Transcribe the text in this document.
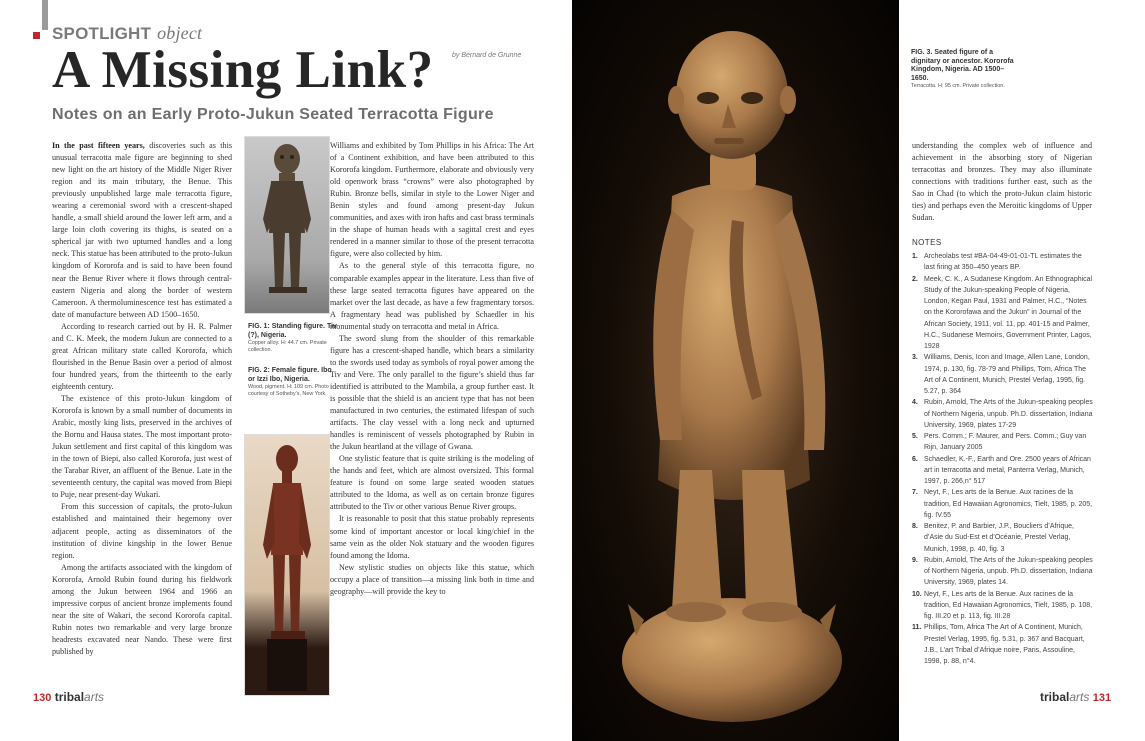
SPOTLIGHT object
by Bernard de Grunne
A Missing Link?
Notes on an Early Proto-Jukun Seated Terracotta Figure

In the past fifteen years, discoveries such as this unusual terracotta male figure are beginning to shed new light on the art history of the Middle Niger River region and its main tributary, the Benue. This previously unpublished large male terracotta figure, wearing a ceremonial sword with a crescent-shaped handle, a small shield around the lower left arm, and a large loin cloth covering its thighs, is seated on a spherical jar with two upturned handles and a long neck. This statue has been attributed to the proto-Jukun kingdom of Kororofa and is said to have been found near the Benue River where it flows through central-eastern Nigeria and along the border of western Cameroon. A thermoluminescence test has estimated a date of manufacture between AD 1500–1650.

According to research carried out by H. R. Palmer and C. K. Meek, the modern Jukun are connected to a great African military state called Kororofa, which flourished in the Benue Basin over a period of almost four hundred years, from the thirteenth to the early eighteenth century.

The existence of this proto-Jukun kingdom of Kororofa is known by a small number of documents in Arabic, mostly king lists, preserved in the archives of the Bornu and Hausa states. The most important proto-Jukun settlement and first capital of this kingdom was in the town of Biepi, also called Kororofa, just west of the Tarabar River, an affluent of the Benue. Late in the seventeenth century, the capital was moved from Biepi to Puje, near present-day Wukari.

From this succession of capitals, the proto-Jukun established and maintained their hegemony over adjacent people, acting as disseminators of the institution of divine kingship in the lower Benue region.

Among the artifacts associated with the kingdom of Kororofa, Arnold Rubin found during his fieldwork among the Jukun between 1964 and 1966 an impressive corpus of ancient bronze implements found near the site of Wakari, the second Kororofa capital. Rubin notes two remarkable and very large bronze headrests excavated near Nando. These were first published by

FIG. 1: Standing figure. Tiv (?), Nigeria.
Copper alloy. H: 44.7 cm. Private collection.
FIG. 2: Female figure. Ibo or Izzi Ibo, Nigeria.
Wood, pigment. H: 109 cm. Photo courtesy of Sotheby’s, New York.

Williams and exhibited by Tom Phillips in his Africa: The Art of a Continent exhibition, and have been attributed to this Kororofa kingdom. Furthermore, elaborate and obviously very old openwork brass “crowns” were also photographed by Rubin. Bronze bells, similar in style to the Lower Niger and Benin styles and found among present-day Jukun communities, and axes with iron hafts and cast brass terminals in the shape of human heads with a sagittal crest and eyes rendered in a manner similar to those of the present terracotta figure, were also collected by him.

As to the general style of this terracotta figure, no comparable examples appear in the literature. Less than five of these large seated terracotta figures have appeared on the market over the last decade, as have a few fragmentary torsos. A fragmentary head was published by Schaedler in his monumental study on terracotta and metal in Africa.

The sword slung from the shoulder of this remarkable figure has a crescent-shaped handle, which bears a similarity to the swords used today as symbols of royal power among the Tiv and Vere. The only parallel to the figure’s shield thus far identified is attributed to the Mambila, a group further east. It is possible that the shield is an ancient type that has not been manufactured in two centuries, the estimated lifespan of such artifacts. The clay vessel with a long neck and upturned handles is reminiscent of vessels photographed by Rubin in the Jukun heartland at the village of Gwana.

One stylistic feature that is quite striking is the modeling of the hands and feet, which are almost oversized. This formal feature is found on some large seated wooden statues attributed to the Idoma, as well as on certain bronze figures attributed to the Tiv or other various Benue River groups.

It is reasonable to posit that this statue probably represents some kind of important ancestor or local king/chief in the same vein as the older Nok statuary and the wooden figures found among the Idoma.

New stylistic studies on objects like this statue, which occupy a place of transition—a missing link both in time and geography—will provide the key to

FIG. 3. Seated figure of a dignitary or ancestor. Kororofa Kingdom, Nigeria. AD 1500–1650.
Terracotta. H: 95 cm. Private collection.

understanding the complex web of influence and achievement in the absorbing story of Nigerian terracottas and bronzes. They may also illuminate connections with traditions further east, such as the Sao in Chad (to which the proto-Jukun claim historic ties) and perhaps even the Meroitic kingdoms of Upper Sudan.

NOTES
1. Archeolabs test #BA-04-49-01-01-TL estimates the last firing at 350–450 years BP.
2. Meek, C. K., A Sudanese Kingdom. An Ethnographical Study of the Jukun-speaking People of Nigeria, London, Kegan Paul, 1931 and Palmer, H.C., “Notes on the Kororofawa and the Jukun” in Journal of the African Society, 1911, vol. 11, pp. 401-15 and Palmer, H.C., Sudanese Memoirs, Government Printer, Lagos, 1928
3. Williams, Denis, Icon and Image, Allen Lane, London, 1974, p. 130, fig. 78-79 and Phillips, Tom, Africa The Art of A Continent, Munich, Prestel Verlag, 1995, fig. 5.27, p. 364
4. Rubin, Arnold, The Arts of the Jukun-speaking peoples of Northern Nigeria, unpub. Ph.D. dissertation, Indiana University, 1969, plates 17-29
5. Pers. Comm.; F. Maurer, and Pers. Comm.; Guy van Rijn, January 2005
6. Schaedler, K.-F., Earth and Ore. 2500 years of African art in terracotta and metal, Panterra Verlag, Munich, 1997, p. 266,n° 517
7. Neyt, F., Les arts de la Benue. Aux racines de la tradition, Ed Hawaiian Agronomics, Tielt, 1985, p. 205, fig. IV.55
8. Benitez, P. and Barbier, J.P., Boucliers d’Afrique, d’Asie du Sud-Est et d’Océanie, Prestel Verlag, Munich, 1998, p. 40, fig. 3
9. Rubin, Arnold, The Arts of the Jukun-speaking peoples of Northern Nigeria, unpub. Ph.D. dissertation, Indiana University, 1969, plates 14.
10. Neyt, F., Les arts de la Benue. Aux racines de la tradition, Ed Hawaiian Agronomics, Tielt, 1985, p. 108, fig. III.20 et p. 113, fig. III.28
11. Phillips, Tom, Africa The Art of A Continent, Munich, Prestel Verlag, 1995, fig. 5.31, p. 367 and Bacquart, J.B., L’art Tribal d’Afrique noire, Paris, Assouline, 1998, p. 88, n°4.
130 tribalarts	tribalarts 131
